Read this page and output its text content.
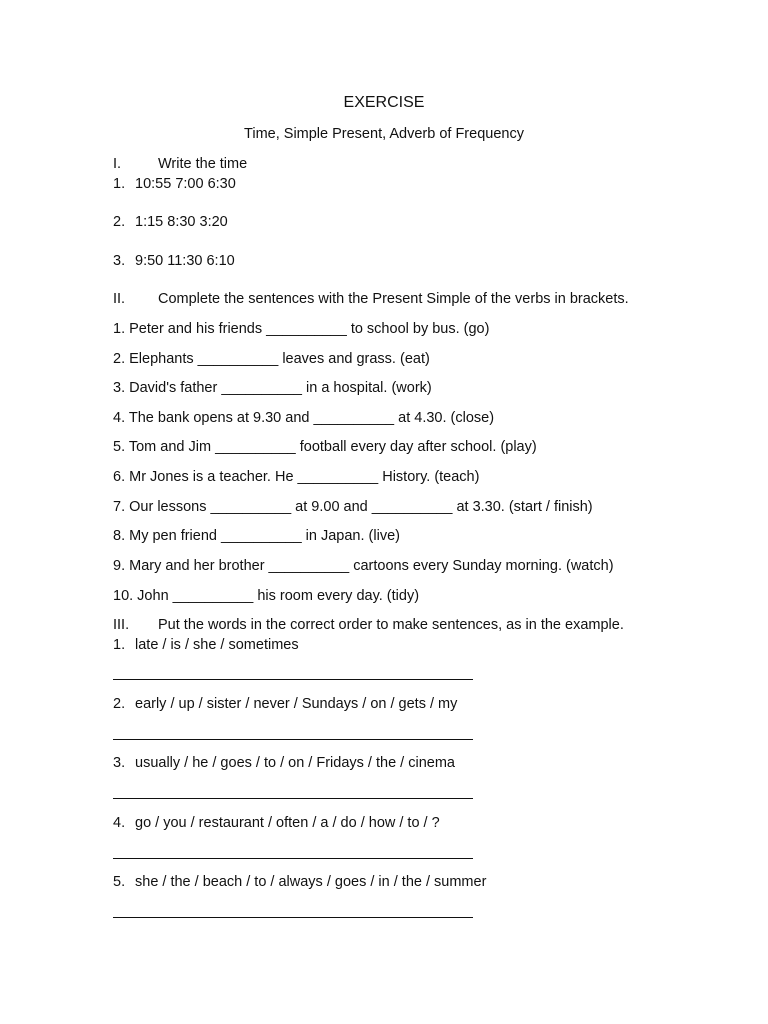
EXERCISE
Time, Simple Present, Adverb of Frequency
I.	Write the time
1. 10:55 7:00 6:30
2. 1:15 8:30 3:20
3. 9:50 11:30 6:10
II. Complete the sentences with the Present Simple of the verbs in brackets.
1. Peter and his friends __________ to school by bus. (go)
2. Elephants __________ leaves and grass. (eat)
3. David's father __________ in a hospital. (work)
4. The bank opens at 9.30 and __________ at 4.30. (close)
5. Tom and Jim __________ football every day after school. (play)
6. Mr Jones is a teacher. He __________ History. (teach)
7. Our lessons __________ at 9.00 and __________ at 3.30. (start / finish)
8. My pen friend __________ in Japan. (live)
9. Mary and her brother __________ cartoons every Sunday morning. (watch)
10. John __________ his room every day. (tidy)
III. Put the words in the correct order to make sentences, as in the example.
1. late / is / she / sometimes
2. early / up / sister / never / Sundays / on / gets / my
3. usually / he / goes / to / on / Fridays / the / cinema
4. go / you / restaurant / often / a / do / how / to / ?
5. she / the / beach / to / always / goes / in / the / summer
